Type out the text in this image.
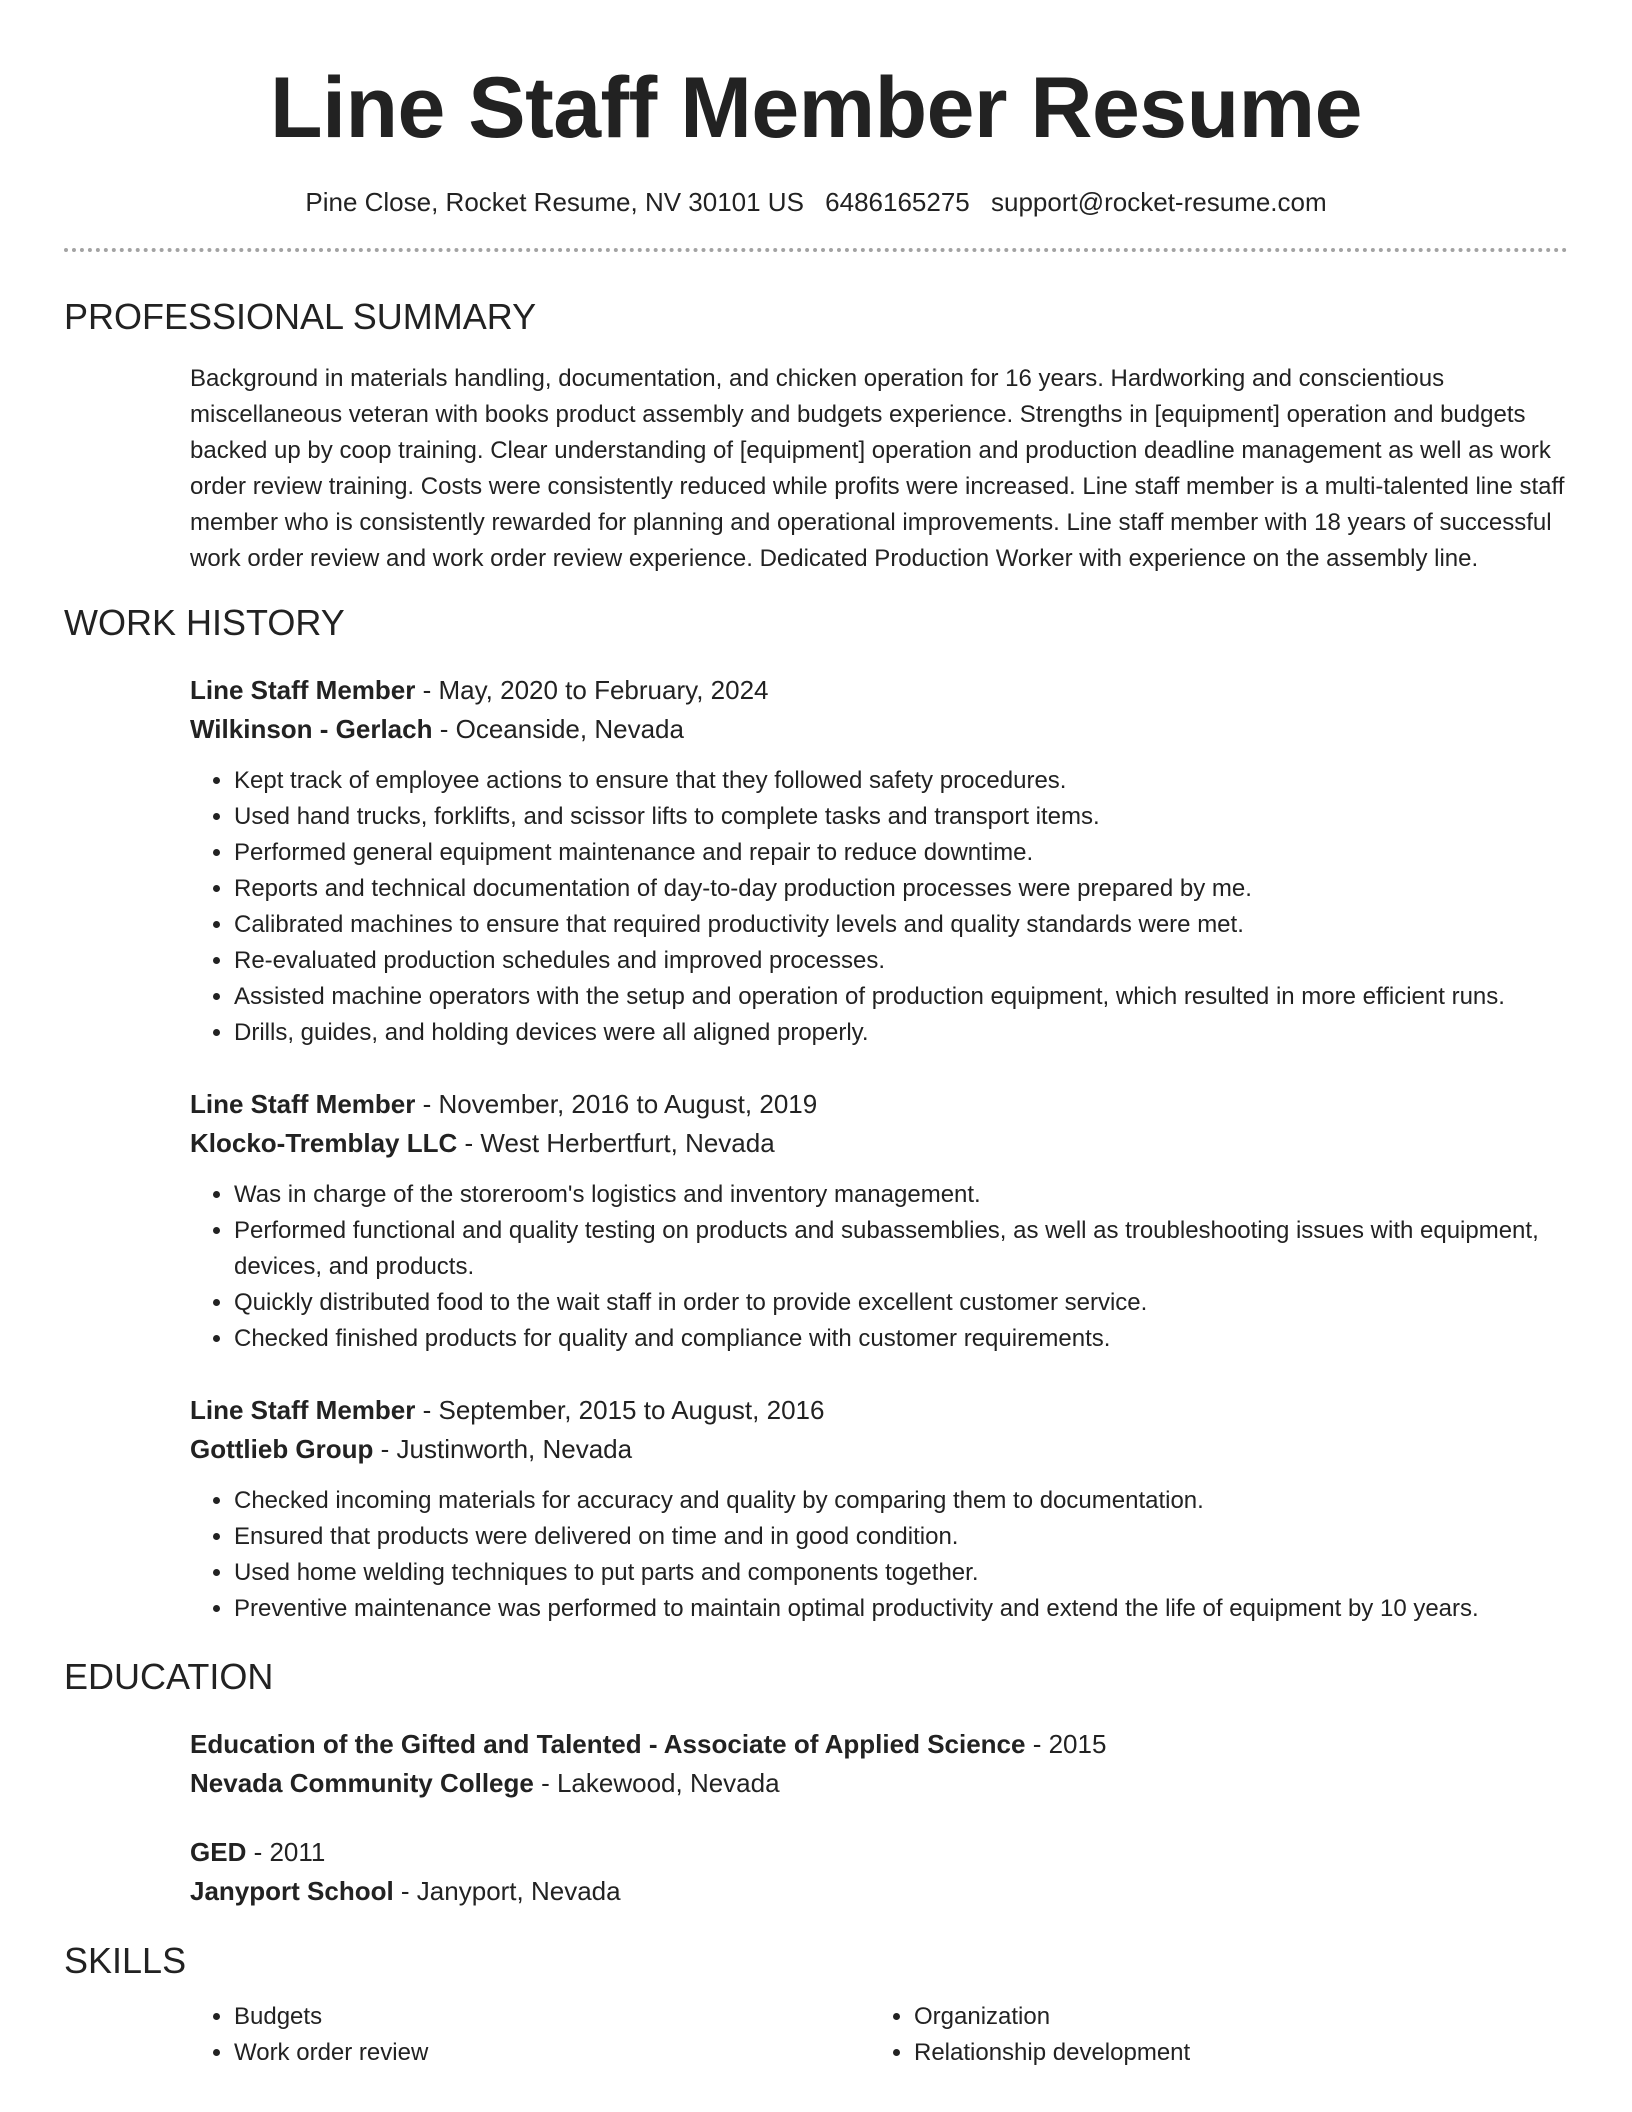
Line Staff Member Resume
Pine Close, Rocket Resume, NV 30101 US 6486165275 support@rocket-resume.com
PROFESSIONAL SUMMARY

Background in materials handling, documentation, and chicken operation for 16 years. Hardworking and conscientious miscellaneous veteran with books product assembly and budgets experience. Strengths in [equipment] operation and budgets backed up by coop training. Clear understanding of [equipment] operation and production deadline management as well as work order review training. Costs were consistently reduced while profits were increased. Line staff member is a multi-talented line staff member who is consistently rewarded for planning and operational improvements. Line staff member with 18 years of successful work order review and work order review experience. Dedicated Production Worker with experience on the assembly line.

WORK HISTORY
Line Staff Member - May, 2020 to February, 2024
Wilkinson - Gerlach - Oceanside, Nevada
• Kept track of employee actions to ensure that they followed safety procedures.
• Used hand trucks, forklifts, and scissor lifts to complete tasks and transport items.
• Performed general equipment maintenance and repair to reduce downtime.
• Reports and technical documentation of day-to-day production processes were prepared by me.
• Calibrated machines to ensure that required productivity levels and quality standards were met.
• Re-evaluated production schedules and improved processes.
• Assisted machine operators with the setup and operation of production equipment, which resulted in more efficient runs.
• Drills, guides, and holding devices were all aligned properly.
Line Staff Member - November, 2016 to August, 2019
Klocko-Tremblay LLC - West Herbertfurt, Nevada
• Was in charge of the storeroom's logistics and inventory management.
• Performed functional and quality testing on products and subassemblies, as well as troubleshooting issues with equipment, devices, and products.
• Quickly distributed food to the wait staff in order to provide excellent customer service.
• Checked finished products for quality and compliance with customer requirements.
Line Staff Member - September, 2015 to August, 2016
Gottlieb Group - Justinworth, Nevada
• Checked incoming materials for accuracy and quality by comparing them to documentation.
• Ensured that products were delivered on time and in good condition.
• Used home welding techniques to put parts and components together.
• Preventive maintenance was performed to maintain optimal productivity and extend the life of equipment by 10 years.
EDUCATION
Education of the Gifted and Talented - Associate of Applied Science - 2015
Nevada Community College - Lakewood, Nevada
GED - 2011
Janyport School - Janyport, Nevada
SKILLS
• Budgets
• Work order review
• Organization
• Relationship development
